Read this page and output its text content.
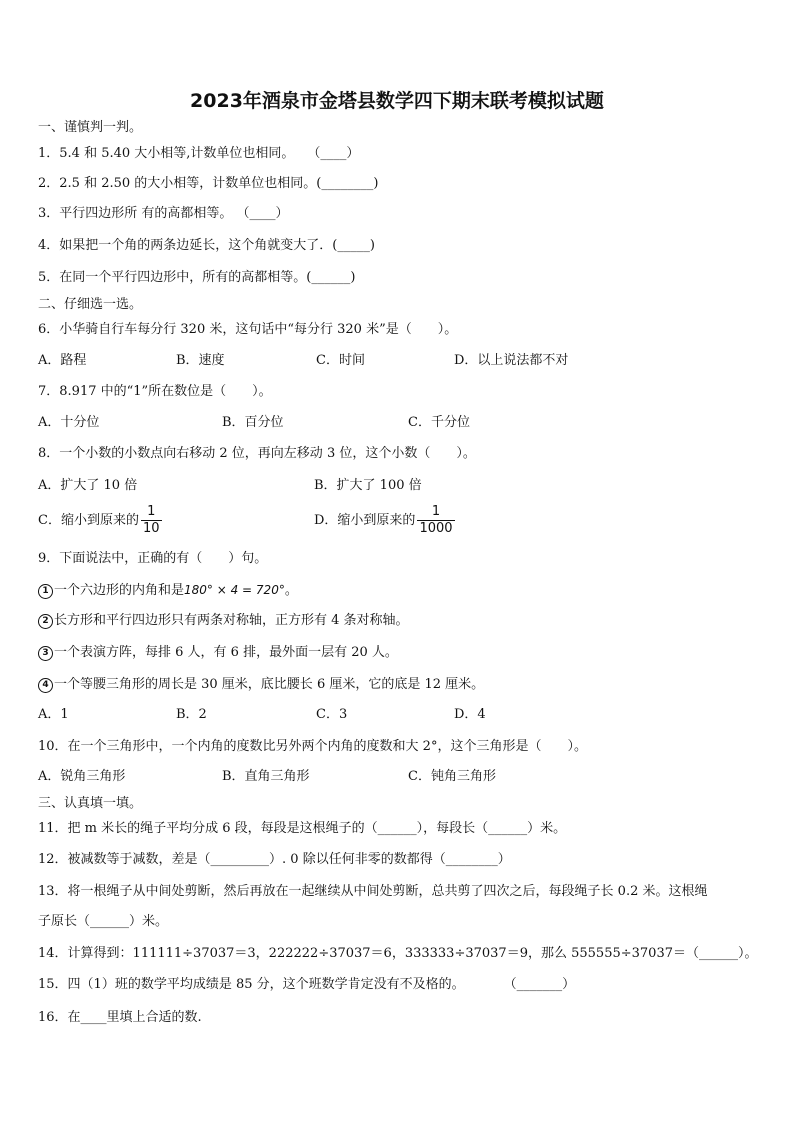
2023年酒泉市金塔县数学四下期末联考模拟试题
一、谨慎判一判。
1．5.4 和 5.40 大小相等,计数单位也相同。　　（____）
2．2.5 和 2.50 的大小相等，计数单位也相同。(________)
3．平行四边形所 有的高都相等。 （____）
4．如果把一个角的两条边延长，这个角就变大了．(_____)
5．在同一个平行四边形中，所有的高都相等。(______)
二、仔细选一选。
6．小华骑自行车每分行 320 米，这句话中“每分行 320 米”是（　　）。
A．路程	B．速度	C．时间	D．以上说法都不对
7．8.917 中的“1”所在数位是（　　）。
A．十分位	B．百分位	C．千分位
8．一个小数的小数点向右移动 2 位，再向左移动 3 位，这个小数（　　）。
A．扩大了 10 倍	B．扩大了 100 倍
C．缩小到原来的 $\frac{1}{10}$	D．缩小到原来的 $\frac{1}{1000}$
9．下面说法中，正确的有（　　）句。
1 一个六边形的内角和是180° × 4 = 720°。
2 长方形和平行四边形只有两条对称轴，正方形有 4 条对称轴。
3 一个表演方阵，每排 6 人，有 6 排，最外面一层有 20 人。
4 一个等腰三角形的周长是 30 厘米，底比腰长 6 厘米，它的底是 12 厘米。
A．1	B．2	C．3	D．4
10．在一个三角形中，一个内角的度数比另外两个内角的度数和大 2°，这个三角形是（　　）。
A．锐角三角形	B．直角三角形	C．钝角三角形
三、认真填一填。
11．把 m 米长的绳子平均分成 6 段，每段是这根绳子的（______），每段长（______）米。
12．被减数等于减数，差是（_________）. 0 除以任何非零的数都得（________）
13．将一根绳子从中间处剪断，然后再放在一起继续从中间处剪断，总共剪了四次之后，每段绳子长 0.2 米。这根绳
子原长（______）米。
14．计算得到：111111÷37037＝3，222222÷37037＝6，333333÷37037＝9，那么 555555÷37037＝（______）。
15．四（1）班的数学平均成绩是 85 分，这个班数学肯定没有不及格的。　　　　（_______）
16．在____里填上合适的数.
